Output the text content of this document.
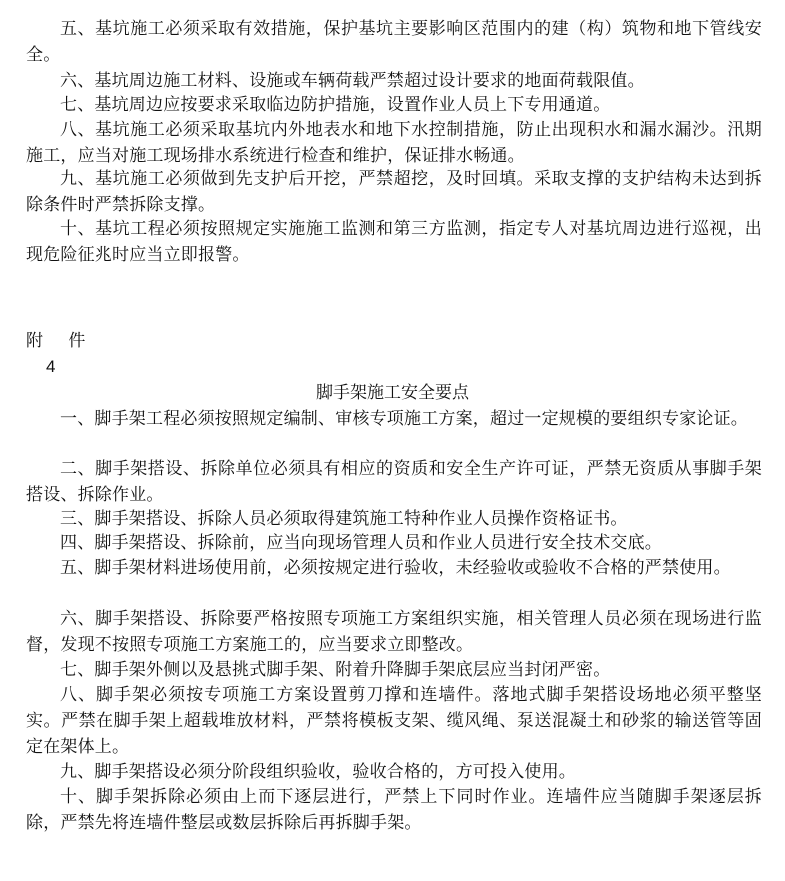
五、基坑施工必须采取有效措施，保护基坑主要影响区范围内的建（构）筑物和地下管线安全。

六、基坑周边施工材料、设施或车辆荷载严禁超过设计要求的地面荷载限值。

七、基坑周边应按要求采取临边防护措施，设置作业人员上下专用通道。

八、基坑施工必须采取基坑内外地表水和地下水控制措施，防止出现积水和漏水漏沙。汛期施工，应当对施工现场排水系统进行检查和维护，保证排水畅通。

九、基坑施工必须做到先支护后开挖，严禁超挖，及时回填。采取支撑的支护结构未达到拆除条件时严禁拆除支撑。

十、基坑工程必须按照规定实施施工监测和第三方监测，指定专人对基坑周边进行巡视，出现危险征兆时应当立即报警。

附 件

4

脚手架施工安全要点

一、脚手架工程必须按照规定编制、审核专项施工方案，超过一定规模的要组织专家论证。

二、脚手架搭设、拆除单位必须具有相应的资质和安全生产许可证，严禁无资质从事脚手架搭设、拆除作业。

三、脚手架搭设、拆除人员必须取得建筑施工特种作业人员操作资格证书。

四、脚手架搭设、拆除前，应当向现场管理人员和作业人员进行安全技术交底。

五、脚手架材料进场使用前，必须按规定进行验收，未经验收或验收不合格的严禁使用。

六、脚手架搭设、拆除要严格按照专项施工方案组织实施，相关管理人员必须在现场进行监督，发现不按照专项施工方案施工的，应当要求立即整改。

七、脚手架外侧以及悬挑式脚手架、附着升降脚手架底层应当封闭严密。

八、脚手架必须按专项施工方案设置剪刀撑和连墙件。落地式脚手架搭设场地必须平整坚实。严禁在脚手架上超载堆放材料，严禁将模板支架、缆风绳、泵送混凝土和砂浆的输送管等固定在架体上。

九、脚手架搭设必须分阶段组织验收，验收合格的，方可投入使用。

十、脚手架拆除必须由上而下逐层进行，严禁上下同时作业。连墙件应当随脚手架逐层拆除，严禁先将连墙件整层或数层拆除后再拆脚手架。
